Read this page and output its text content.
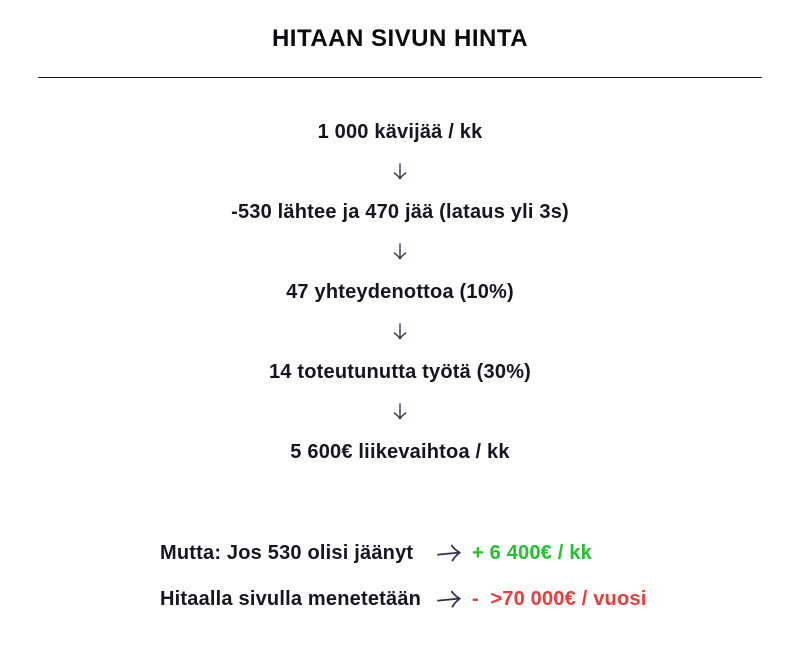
HITAAN SIVUN HINTA
1 000 kävijää / kk
-530 lähtee ja 470 jää (lataus yli 3s)
47 yhteydenottoa (10%)
14 toteutunutta työtä (30%)
5 600€ liikevaihtoa / kk
Mutta: Jos 530 olisi jäänyt	+ 6 400€ / kk
Hitaalla sivulla menetetään	-  >70 000€ / vuosi
